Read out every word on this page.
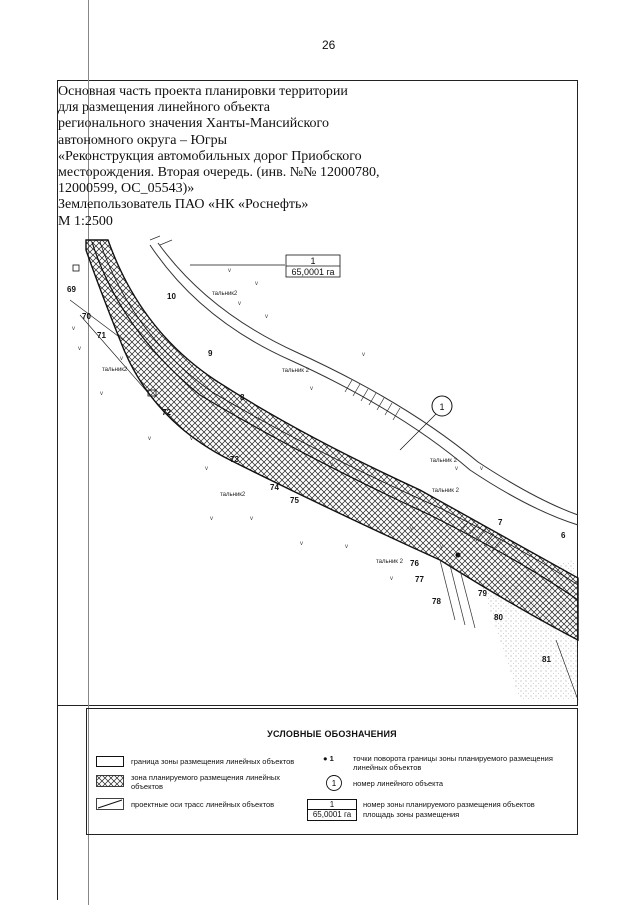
26
1
65,0001 га
1
69
70
71
72
73
74
75
76
77
78
79
80
81
6
7
8
9
10	тальник2
тальник 2
тальник2
тальник 2
тальник 2
тальник2
тальник 2
v
v
v
v
v
v
v
v	v
v
v
v
v	v
v	v
v
v
v
v	v
v
v
v
Основная часть проекта планировки территории
для размещения линейного объекта
регионального значения Ханты-Мансийского
автономного округа – Югры
«Реконструкция автомобильных дорог Приобского
месторождения. Вторая очередь. (инв. №№ 12000780,
12000599, ОС_05543)»
Землепользователь ПАО «НК «Роснефть»
М 1:2500
УСЛОВНЫЕ ОБОЗНАЧЕНИЯ
граница зоны размещения линейных объектов
зона планируемого размещения линейных объектов
проектные оси трасс линейных объектов
● 1	точки поворота границы зоны планируемого размещения линейных объектов
1 номер линейного объекта
1
65,0001 га
номер зоны планируемого размещения объектов
площадь зоны размещения
